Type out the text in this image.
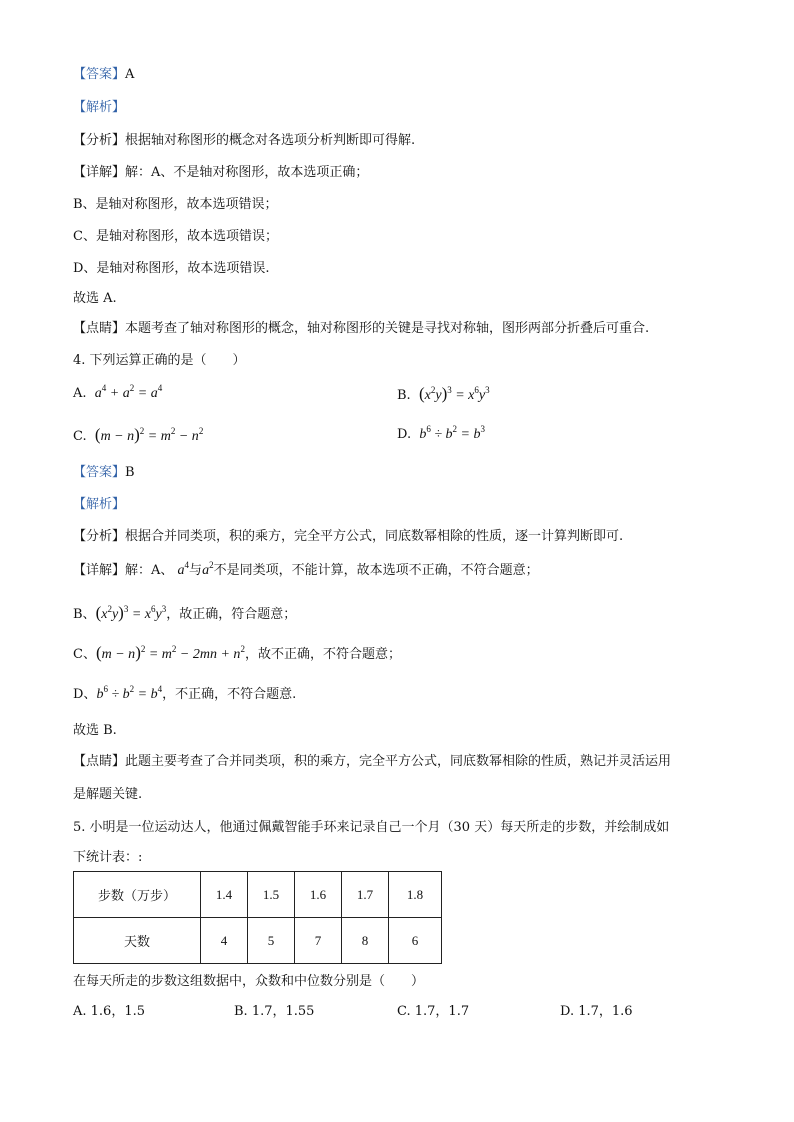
【答案】A
【解析】
【分析】根据轴对称图形的概念对各选项分析判断即可得解.
【详解】解：A、不是轴对称图形，故本选项正确；
B、是轴对称图形，故本选项错误；
C、是轴对称图形，故本选项错误；
D、是轴对称图形，故本选项错误.
故选 A.
【点睛】本题考查了轴对称图形的概念，轴对称图形的关键是寻找对称轴，图形两部分折叠后可重合.
4. 下列运算正确的是（　　）
A. $a^4 + a^2 = a^4$	B. $(x^2y)^3 = x^6y^3$
C. $(m - n)^2 = m^2 - n^2$	D. $b^6 \div b^2 = b^3$
【答案】B
【解析】
【分析】根据合并同类项，积的乘方，完全平方公式，同底数幂相除的性质，逐一计算判断即可.
【详解】解：A、 $a^4$与$a^2$不是同类项，不能计算，故本选项不正确，不符合题意；
B、$(x^2y)^3 = x^6y^3$，故正确，符合题意；
C、$(m - n)^2 = m^2 - 2mn + n^2$，故不正确，不符合题意；
D、$b^6 \div b^2 = b^4$，不正确，不符合题意.
故选 B.
【点睛】此题主要考查了合并同类项，积的乘方，完全平方公式，同底数幂相除的性质，熟记并灵活运用
是解题关键.
5. 小明是一位运动达人，他通过佩戴智能手环来记录自己一个月（30 天）每天所走的步数，并绘制成如
下统计表：:
步数（万步）	1.4	1.5	1.6	1.7	1.8
天数	4	5	7	8	6
在每天所走的步数这组数据中，众数和中位数分别是（　　）
A. 1.6，1.5	B. 1.7，1.55	C. 1.7，1.7	D. 1.7，1.6
